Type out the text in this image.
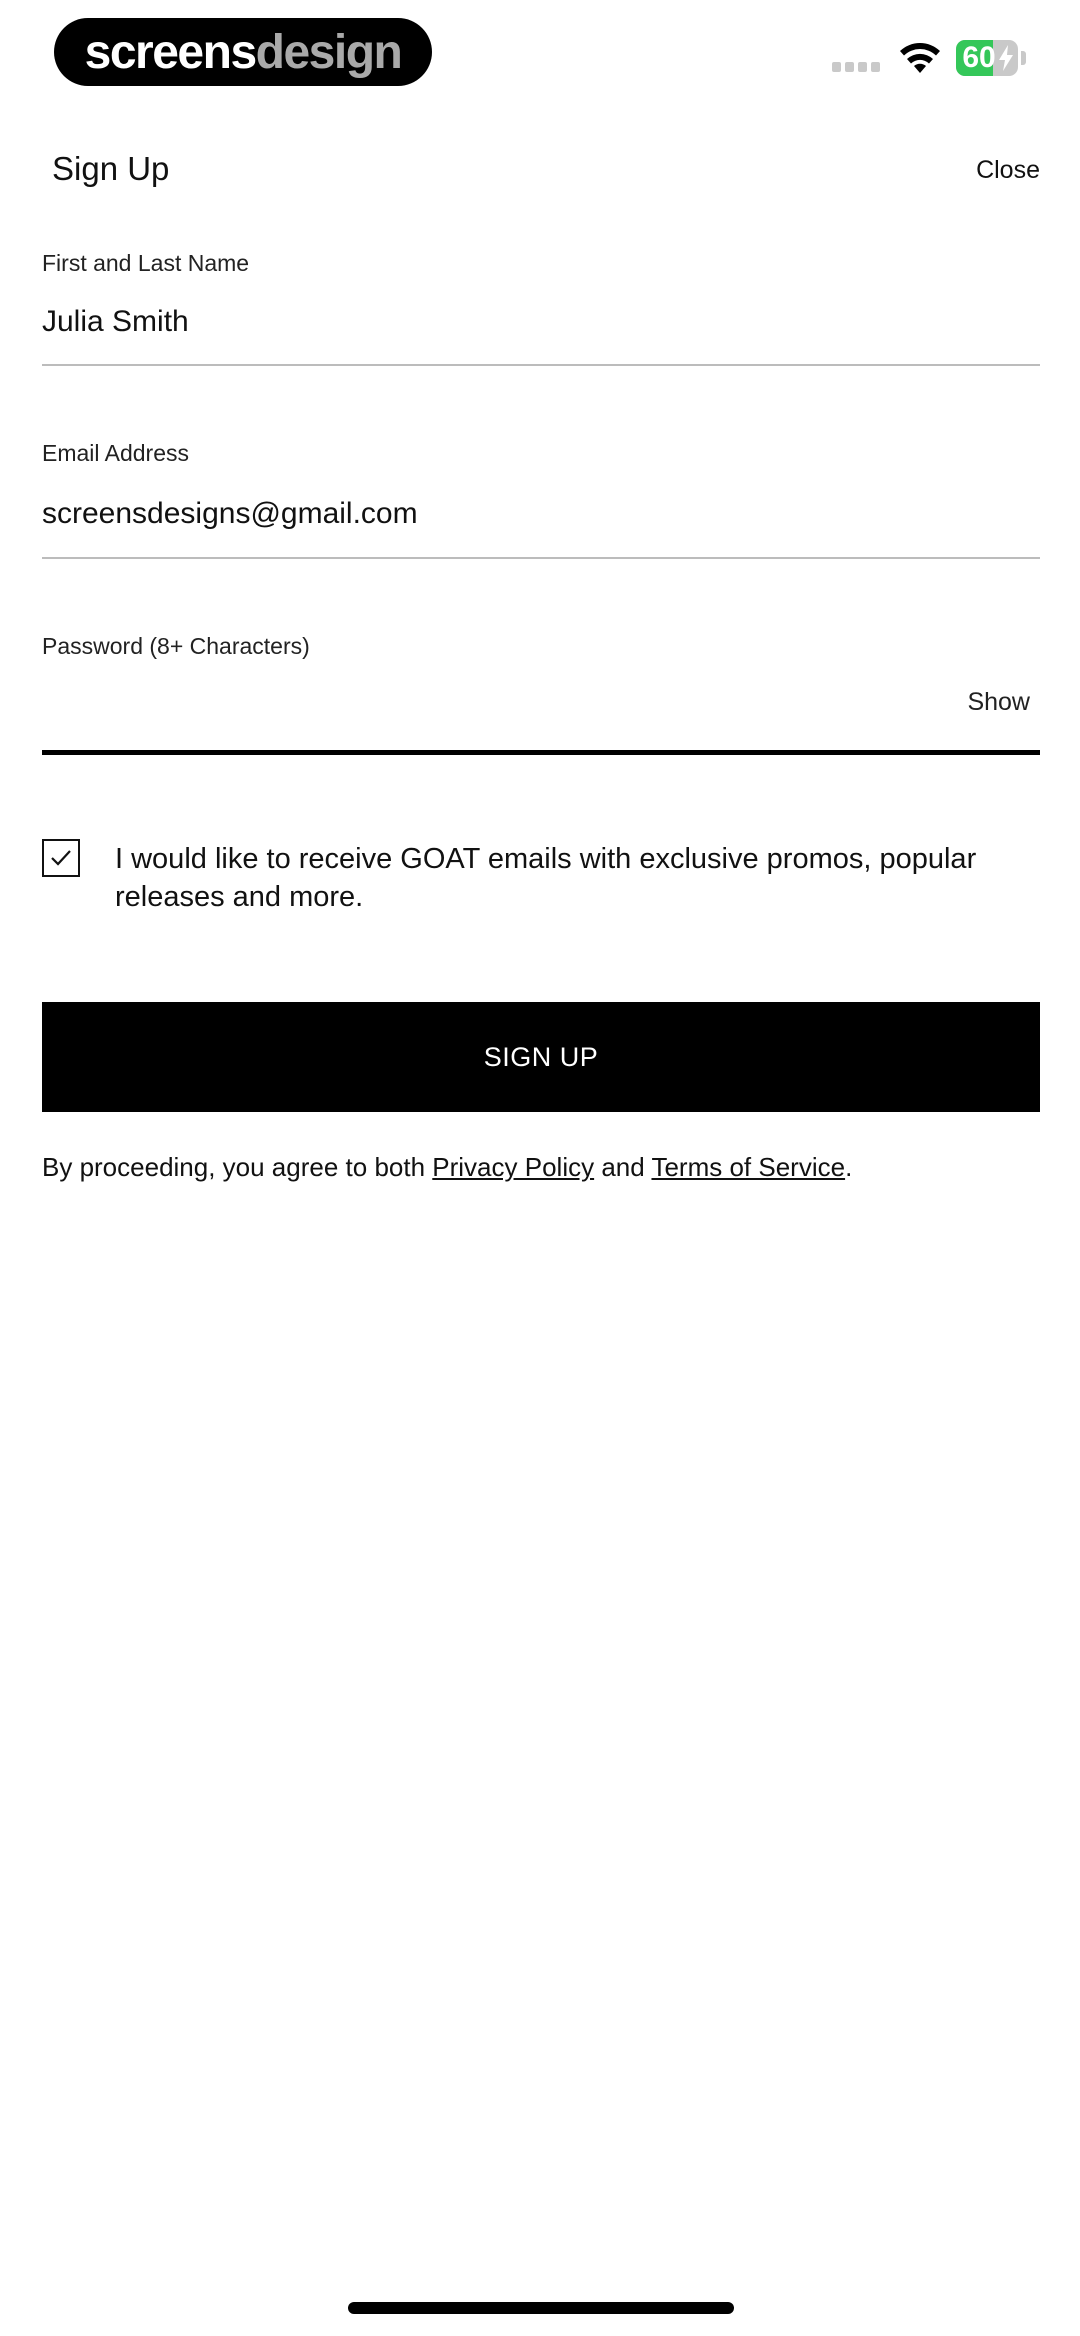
screens design	60
Sign Up	Close
First and Last Name
Julia Smith
Email Address
screensdesigns@gmail.com
Password (8+ Characters)
Show
I would like to receive GOAT emails with exclusive promos, popular releases and more.
SIGN UP
By proceeding, you agree to both Privacy Policy and Terms of Service.
